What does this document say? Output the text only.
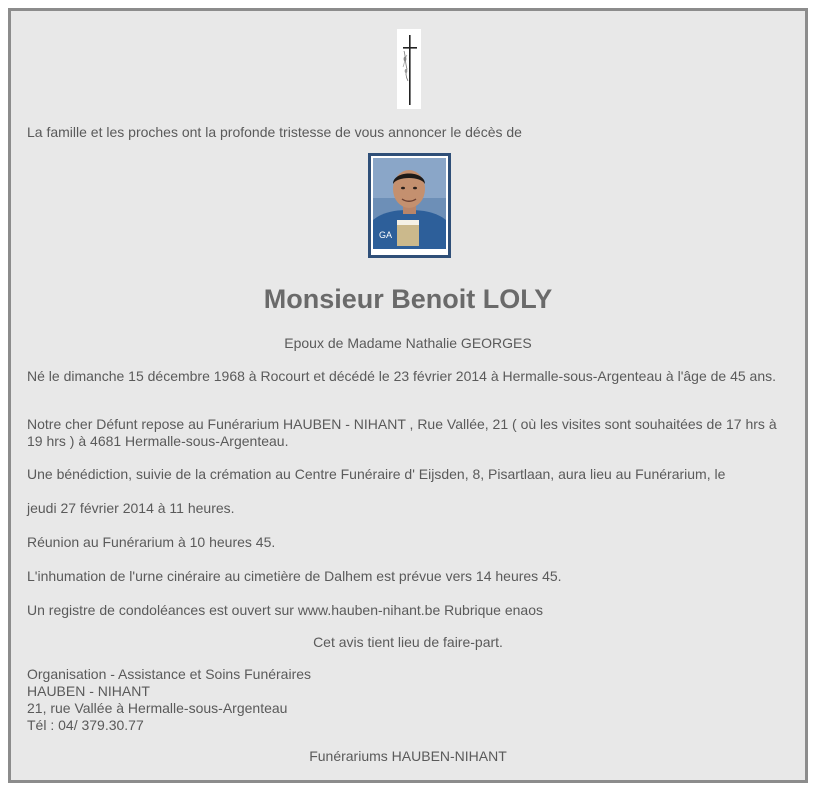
La famille et les proches ont la profonde tristesse de vous annoncer le décès de
GA
Monsieur Benoit LOLY
Epoux de Madame Nathalie GEORGES
Né le dimanche 15 décembre 1968 à Rocourt et décédé le 23 février 2014 à Hermalle-sous-Argenteau à l'âge de 45 ans.
Notre cher Défunt repose au Funérarium HAUBEN - NIHANT , Rue Vallée, 21 ( où les visites sont souhaitées de 17 hrs à 19 hrs ) à 4681 Hermalle-sous-Argenteau.
Une bénédiction, suivie de la crémation au Centre Funéraire d' Eijsden, 8, Pisartlaan, aura lieu au Funérarium, le
jeudi 27 février 2014 à 11 heures.
Réunion au Funérarium à 10 heures 45.
L'inhumation de l'urne cinéraire au cimetière de Dalhem est prévue vers 14 heures 45.
Un registre de condoléances est ouvert sur www.hauben-nihant.be Rubrique enaos
Cet avis tient lieu de faire-part.
Organisation - Assistance et Soins Funéraires
HAUBEN - NIHANT
21, rue Vallée à Hermalle-sous-Argenteau
Tél : 04/ 379.30.77
Funérariums HAUBEN-NIHANT
